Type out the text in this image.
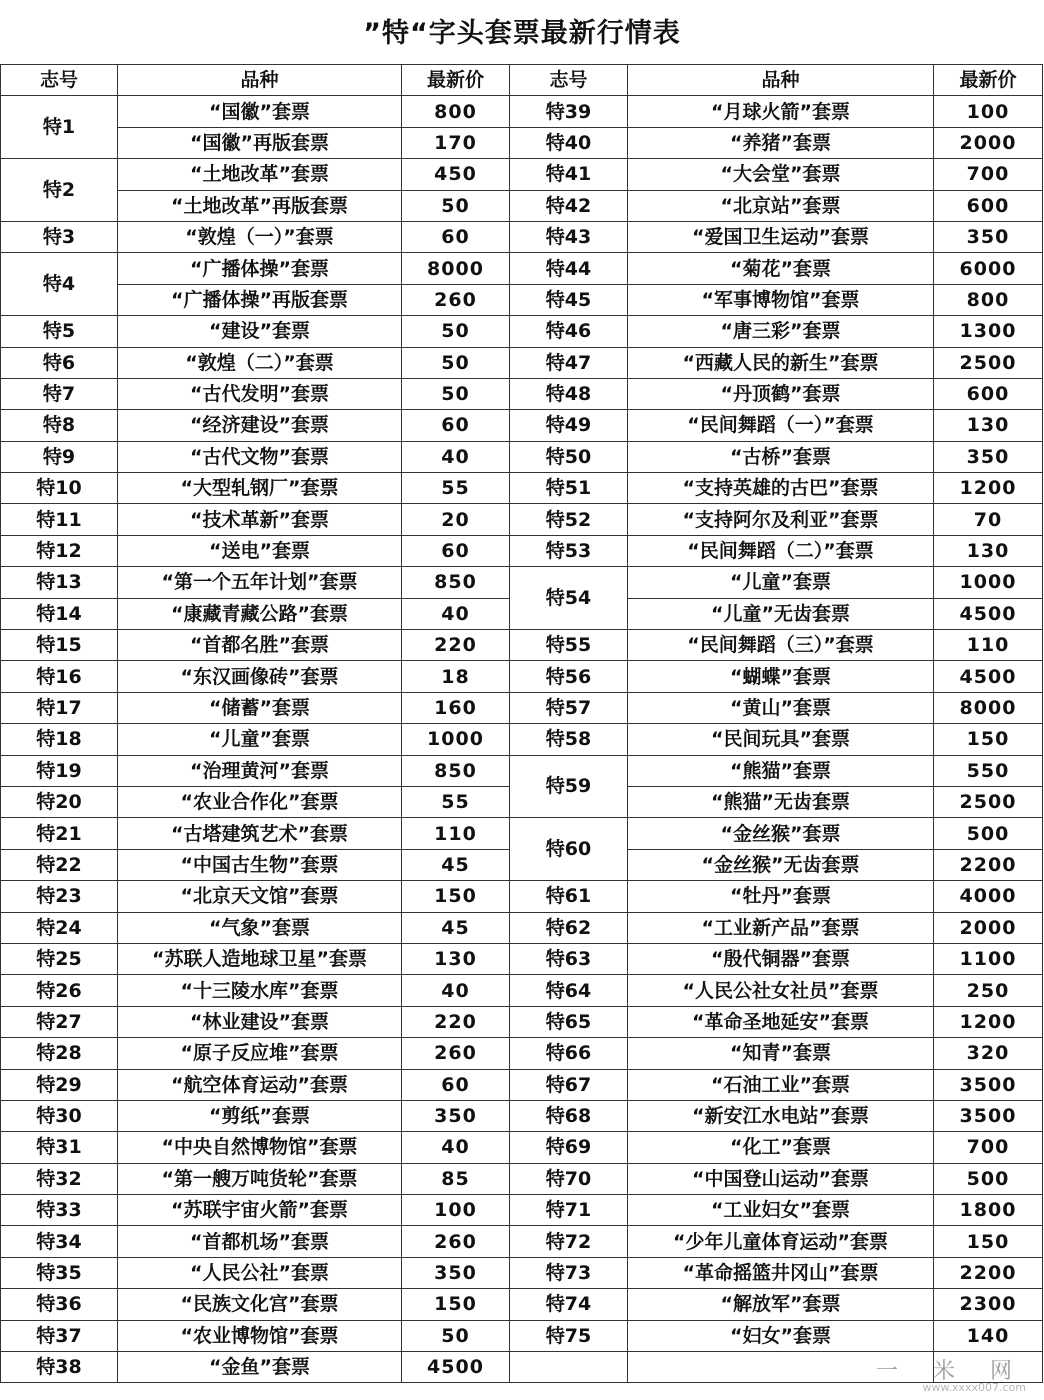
”特“字头套票最新行情表
志号	品种	最新价	志号	品种	最新价
特1	“国徽”套票	800	特39	“月球火箭”套票	100
	“国徽”再版套票	170	特40	“养猪”套票	2000
特2	“土地改革”套票	450	特41	“大会堂”套票	700
	“土地改革”再版套票	50	特42	“北京站”套票	600
特3	“敦煌（一）”套票	60	特43	“爱国卫生运动”套票	350
特4	“广播体操”套票	8000	特44	“菊花”套票	6000
	“广播体操”再版套票	260	特45	“军事博物馆”套票	800
特5	“建设”套票	50	特46	“唐三彩”套票	1300
特6	“敦煌（二）”套票	50	特47	“西藏人民的新生”套票	2500
特7	“古代发明”套票	50	特48	“丹顶鹤”套票	600
特8	“经济建设”套票	60	特49	“民间舞蹈（一）”套票	130
特9	“古代文物”套票	40	特50	“古桥”套票	350
特10	“大型轧钢厂”套票	55	特51	“支持英雄的古巴”套票	1200
特11	“技术革新”套票	20	特52	“支持阿尔及利亚”套票	70
特12	“送电”套票	60	特53	“民间舞蹈（二）”套票	130
特13	“第一个五年计划”套票	850	特54	“儿童”套票	1000
特14	“康藏青藏公路”套票	40		“儿童”无齿套票	4500
特15	“首都名胜”套票	220	特55	“民间舞蹈（三）”套票	110
特16	“东汉画像砖”套票	18	特56	“蝴蝶”套票	4500
特17	“储蓄”套票	160	特57	“黄山”套票	8000
特18	“儿童”套票	1000	特58	“民间玩具”套票	150
特19	“治理黄河”套票	850	特59	“熊猫”套票	550
特20	“农业合作化”套票	55		“熊猫”无齿套票	2500
特21	“古塔建筑艺术”套票	110	特60	“金丝猴”套票	500
特22	“中国古生物”套票	45		“金丝猴”无齿套票	2200
特23	“北京天文馆”套票	150	特61	“牡丹”套票	4000
特24	“气象”套票	45	特62	“工业新产品”套票	2000
特25	“苏联人造地球卫星”套票	130	特63	“殷代铜器”套票	1100
特26	“十三陵水库”套票	40	特64	“人民公社女社员”套票	250
特27	“林业建设”套票	220	特65	“革命圣地延安”套票	1200
特28	“原子反应堆”套票	260	特66	“知青”套票	320
特29	“航空体育运动”套票	60	特67	“石油工业”套票	3500
特30	“剪纸”套票	350	特68	“新安江水电站”套票	3500
特31	“中央自然博物馆”套票	40	特69	“化工”套票	700
特32	“第一艘万吨货轮”套票	85	特70	“中国登山运动”套票	500
特33	“苏联宇宙火箭”套票	100	特71	“工业妇女”套票	1800
特34	“首都机场”套票	260	特72	“少年儿童体育运动”套票	150
特35	“人民公社”套票	350	特73	“革命摇篮井冈山”套票	2200
特36	“民族文化宫”套票	150	特74	“解放军”套票	2300
特37	“农业博物馆”套票	50	特75	“妇女”套票	140
特38	“金鱼”套票	4500				一 米 网
www.xxxx007.com
